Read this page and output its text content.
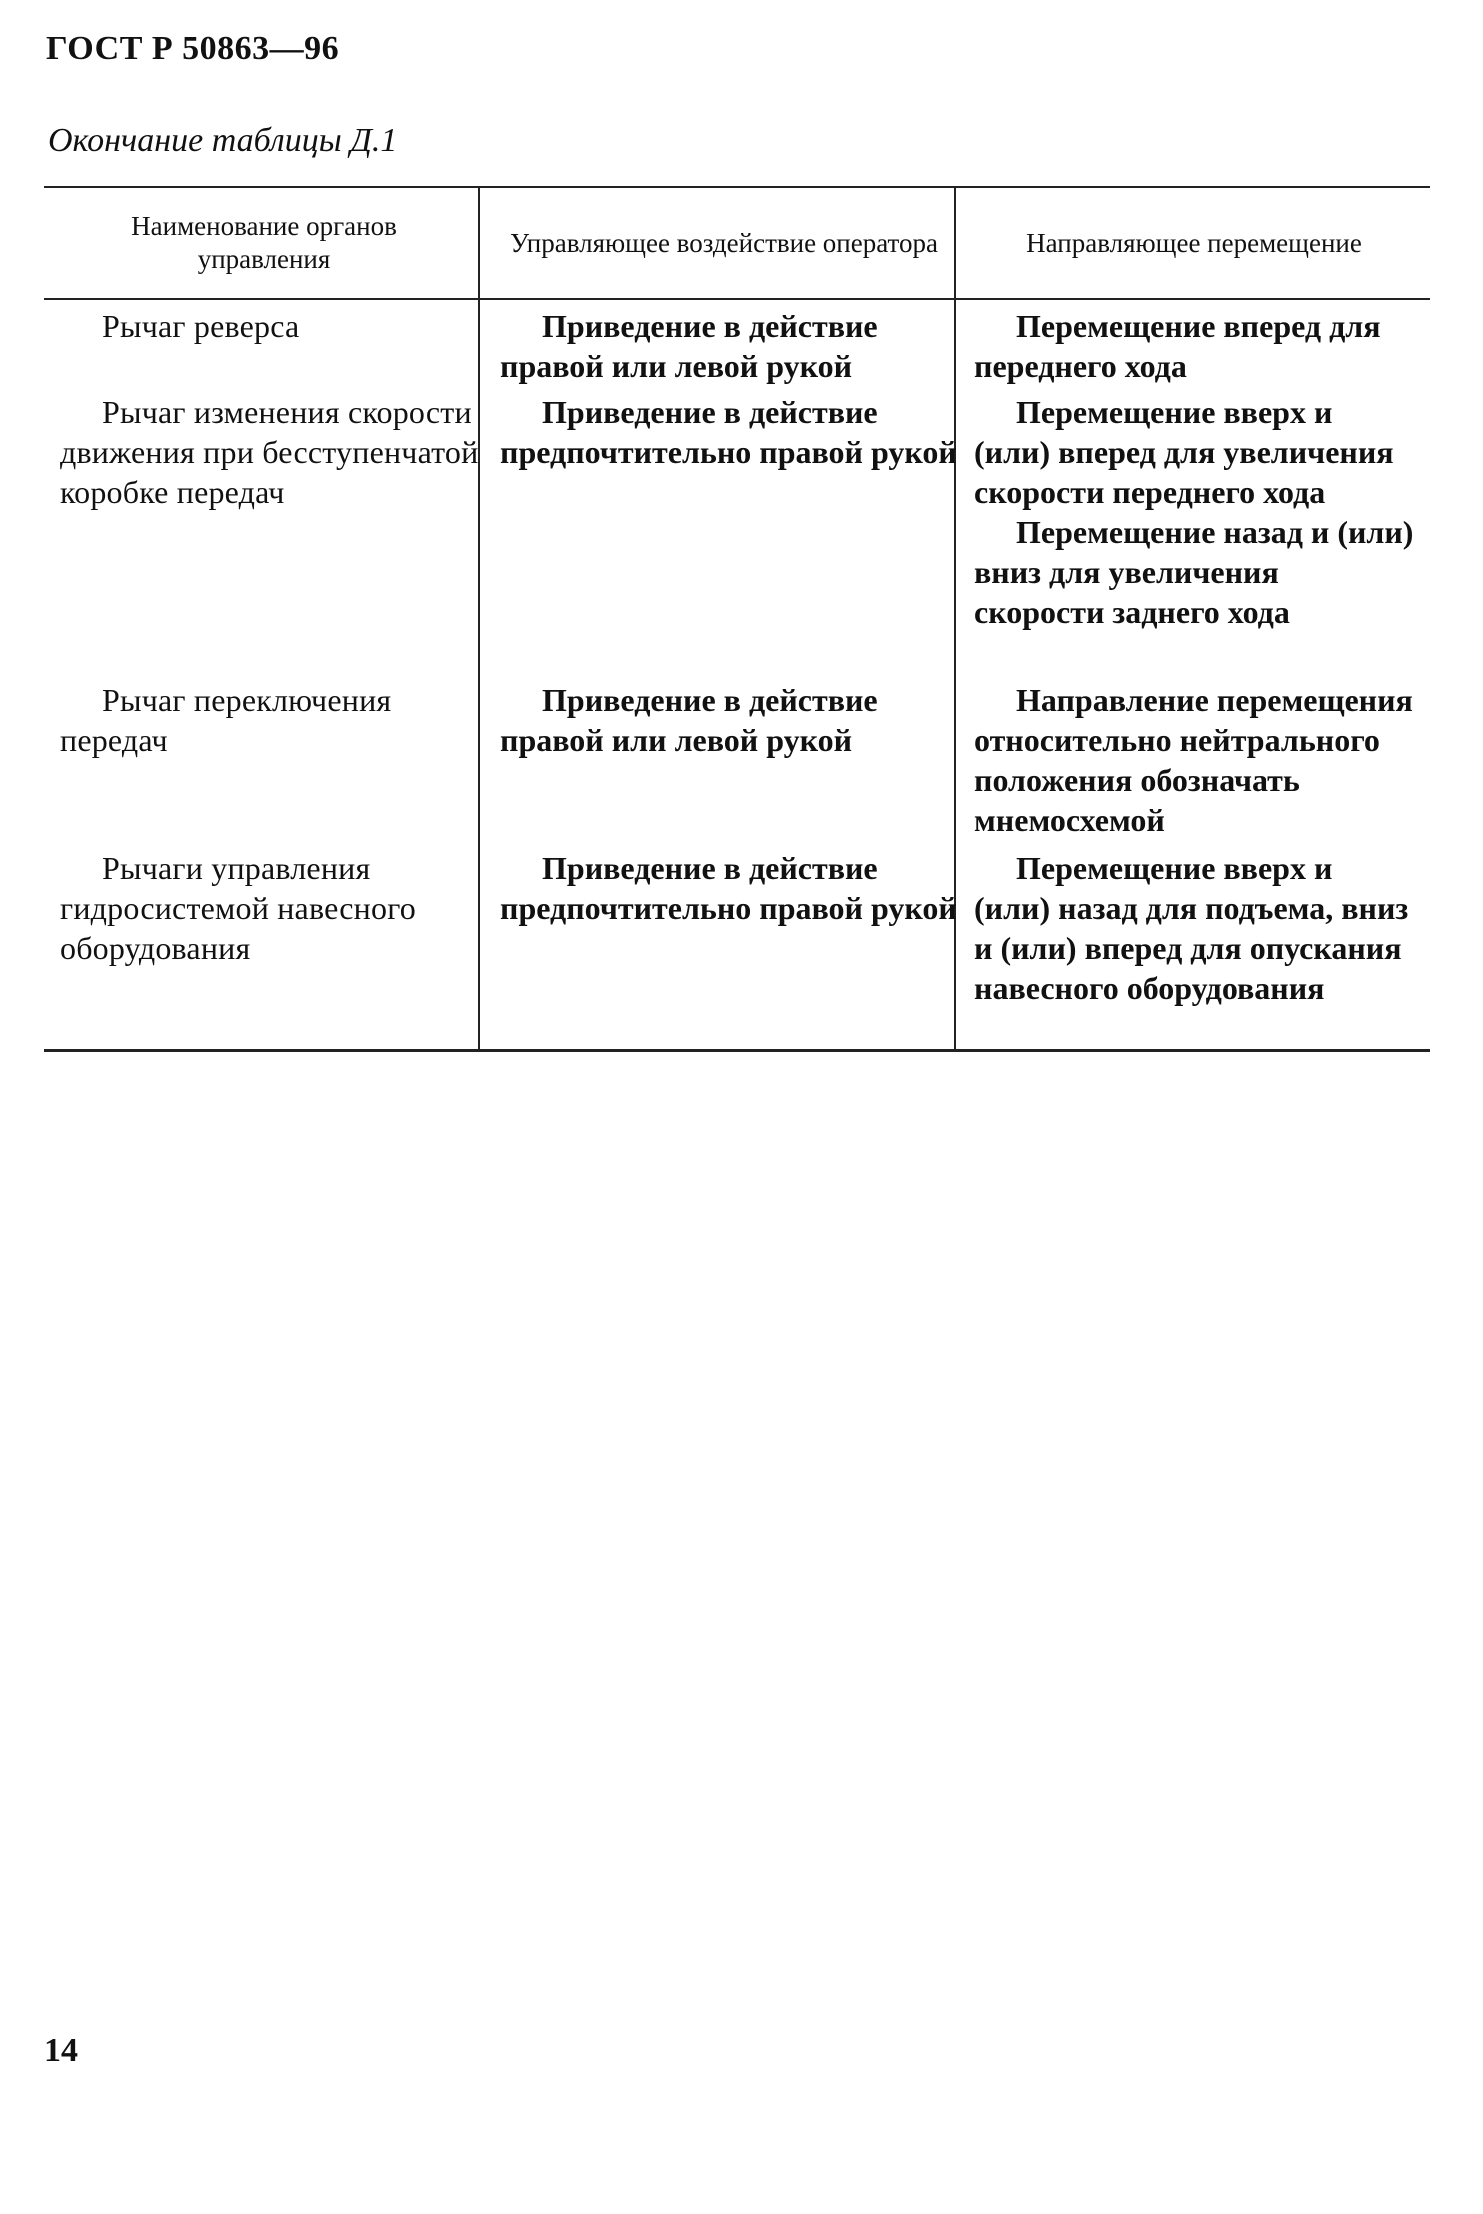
ГОСТ Р 50863—96
Окончание таблицы Д.1
Наименование органов управления
Управляющее воздействие оператора	Направляющее перемещение

Рычаг реверса	Приведение в действие правой или левой рукой

Перемещение вперед для переднего хода

Рычаг изменения скорости движения при бесступенчатой коробке передач

Приведение в действие предпочтительно правой рукой

Перемещение вверх и (или) вперед для увеличения скорости переднего хода

Перемещение назад и (или) вниз для увеличения скорости заднего хода

Рычаг переключения передач

Приведение в действие правой или левой рукой

Направление перемещения относительно нейтрального положения обозначать мнемосхемой

Рычаги управления гидросистемой навесного оборудования

Приведение в действие предпочтительно правой рукой

Перемещение вверх и (или) назад для подъема, вниз и (или) вперед для опускания навесного оборудования

14
